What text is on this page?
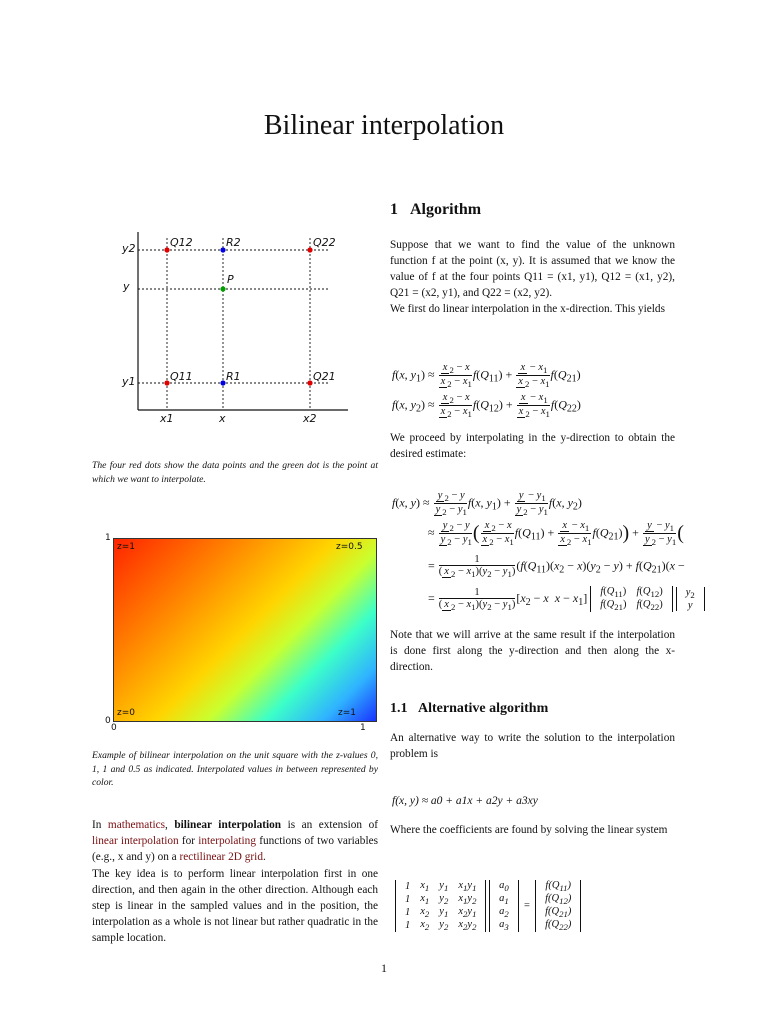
Bilinear interpolation
1 Algorithm
Suppose that we want to find the value of the unknown function f at the point (x, y). It is assumed that we know the value of f at the four points Q11 = (x1, y1), Q12 = (x1, y2), Q21 = (x2, y1), and Q22 = (x2, y2).
We first do linear interpolation in the x-direction. This yields
f(x, $y_1) \approx \frac{x _2 - x}{x _2 - x_1} f(Q_{11}) + \frac{x - x_1}{x _2 - x_1} f(Q_{21})$
f(x, $y_2) \approx \frac{x _2 - x}{x _2 - x_1} f(Q_{12}) + \frac{x - x_1}{x _2 - x_1} f(Q_{22})$
We proceed by interpolating in the y-direction to obtain the desired estimate:
f(x, $y) \approx \frac{y _2 - y}{y _2 - y_1} f(x$, $y_1) + \frac{y - y_1}{y _2 - y_1} f(x$, $y_2$)
≈ $\frac{y _2 - y}{y _2 - y_1}$ ( $\frac{x _2 - x}{x _2 - x_1} f(Q_{11}) + \frac{x - x_1}{x _2 - x_1} f(Q_{21})) + \frac{y - y_1}{y _2 - y_1}$ (
= $\frac{1}{( x _2 - x_1)(y_2 - y_1)} (f(Q_{11})(x_2 - x)(y_2 - y) + f(Q_{21})(x$ −
= $\frac{1}{( x _2 - x_1)(y_2 - y_1)} [x_2 - x$ $x - x_1$] $f(Q_{11})$	$f(Q_{12})$
$f(Q_{21})$	$f(Q_{22})$

$y_2$
y
Note that we will arrive at the same result if the interpolation is done first along the y-direction and then along the x-direction.
1.1 Alternative algorithm
An alternative way to write the solution to the interpolation problem is
f(x, y) ≈ a0 + a1x + a2y + a3xy
Where the coefficients are found by solving the linear system
1	$x_1$	$y_1$	$x_1y_1$
1	$x_1$	$y_2$	$x_1y_2$
1	$x_2$	$y_1$	$x_2y_1$
1	$x_2$	$y_2$	$x_2y_2$

$a_0$
$a_1$
$a_2$
$a_3$
=
$f(Q_{11})$
$f(Q_{12})$
$f(Q_{21})$
$f(Q_{22})$
Q12	R2	Q22
P
Q11	R1	Q21
y2
y
y1
x1	x	x2
The four red dots show the data points and the green dot is the point at which we want to interpolate.
z=1	z=0.5
z=0	z=1
1
0
0	1
Example of bilinear interpolation on the unit square with the z-values 0, 1, 1 and 0.5 as indicated. Interpolated values in between represented by color.
In mathematics, bilinear interpolation is an extension of linear interpolation for interpolating functions of two variables (e.g., x and y) on a rectilinear 2D grid.
The key idea is to perform linear interpolation first in one direction, and then again in the other direction. Although each step is linear in the sampled values and in the position, the interpolation as a whole is not linear but rather quadratic in the sample location.
1
